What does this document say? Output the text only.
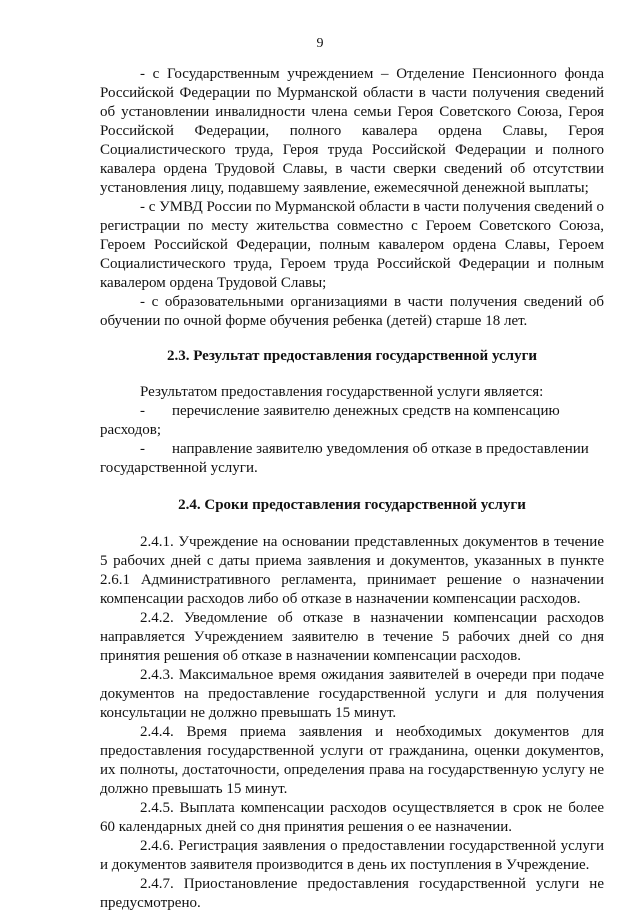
9

- с Государственным учреждением – Отделение Пенсионного фонда Российской Федерации по Мурманской области в части получения сведений об установлении инвалидности члена семьи Героя Советского Союза, Героя Российской Федерации, полного кавалера ордена Славы, Героя Социалистического труда, Героя труда Российской Федерации и полного кавалера ордена Трудовой Славы, в части сверки сведений об отсутствии установления лицу, подавшему заявление, ежемесячной денежной выплаты;

- с УМВД России по Мурманской области в части получения сведений о регистрации по месту жительства совместно с Героем Советского Союза, Героем Российской Федерации, полным кавалером ордена Славы, Героем Социалистического труда, Героем труда Российской Федерации и полным кавалером ордена Трудовой Славы;

- с образовательными организациями в части получения сведений об обучении по очной форме обучения ребенка (детей) старше 18 лет.

2.3. Результат предоставления государственной услуги

Результатом предоставления государственной услуги является:

- перечисление заявителю денежных средств на компенсацию
расходов;

- направление заявителю уведомления об отказе в предоставлении
государственной услуги.

2.4. Сроки предоставления государственной услуги

2.4.1. Учреждение на основании представленных документов в течение 5 рабочих дней с даты приема заявления и документов, указанных в пункте 2.6.1 Административного регламента, принимает решение о назначении компенсации расходов либо об отказе в назначении компенсации расходов.

2.4.2. Уведомление об отказе в назначении компенсации расходов направляется Учреждением заявителю в течение 5 рабочих дней со дня принятия решения об отказе в назначении компенсации расходов.

2.4.3. Максимальное время ожидания заявителей в очереди при подаче документов на предоставление государственной услуги и для получения консультации не должно превышать 15 минут.

2.4.4. Время приема заявления и необходимых документов для предоставления государственной услуги от гражданина, оценки документов, их полноты, достаточности, определения права на государственную услугу не должно превышать 15 минут.

2.4.5. Выплата компенсации расходов осуществляется в срок не более 60 календарных дней со дня принятия решения о ее назначении.

2.4.6. Регистрация заявления о предоставлении государственной услуги и документов заявителя производится в день их поступления в Учреждение.

2.4.7. Приостановление предоставления государственной услуги не предусмотрено.
